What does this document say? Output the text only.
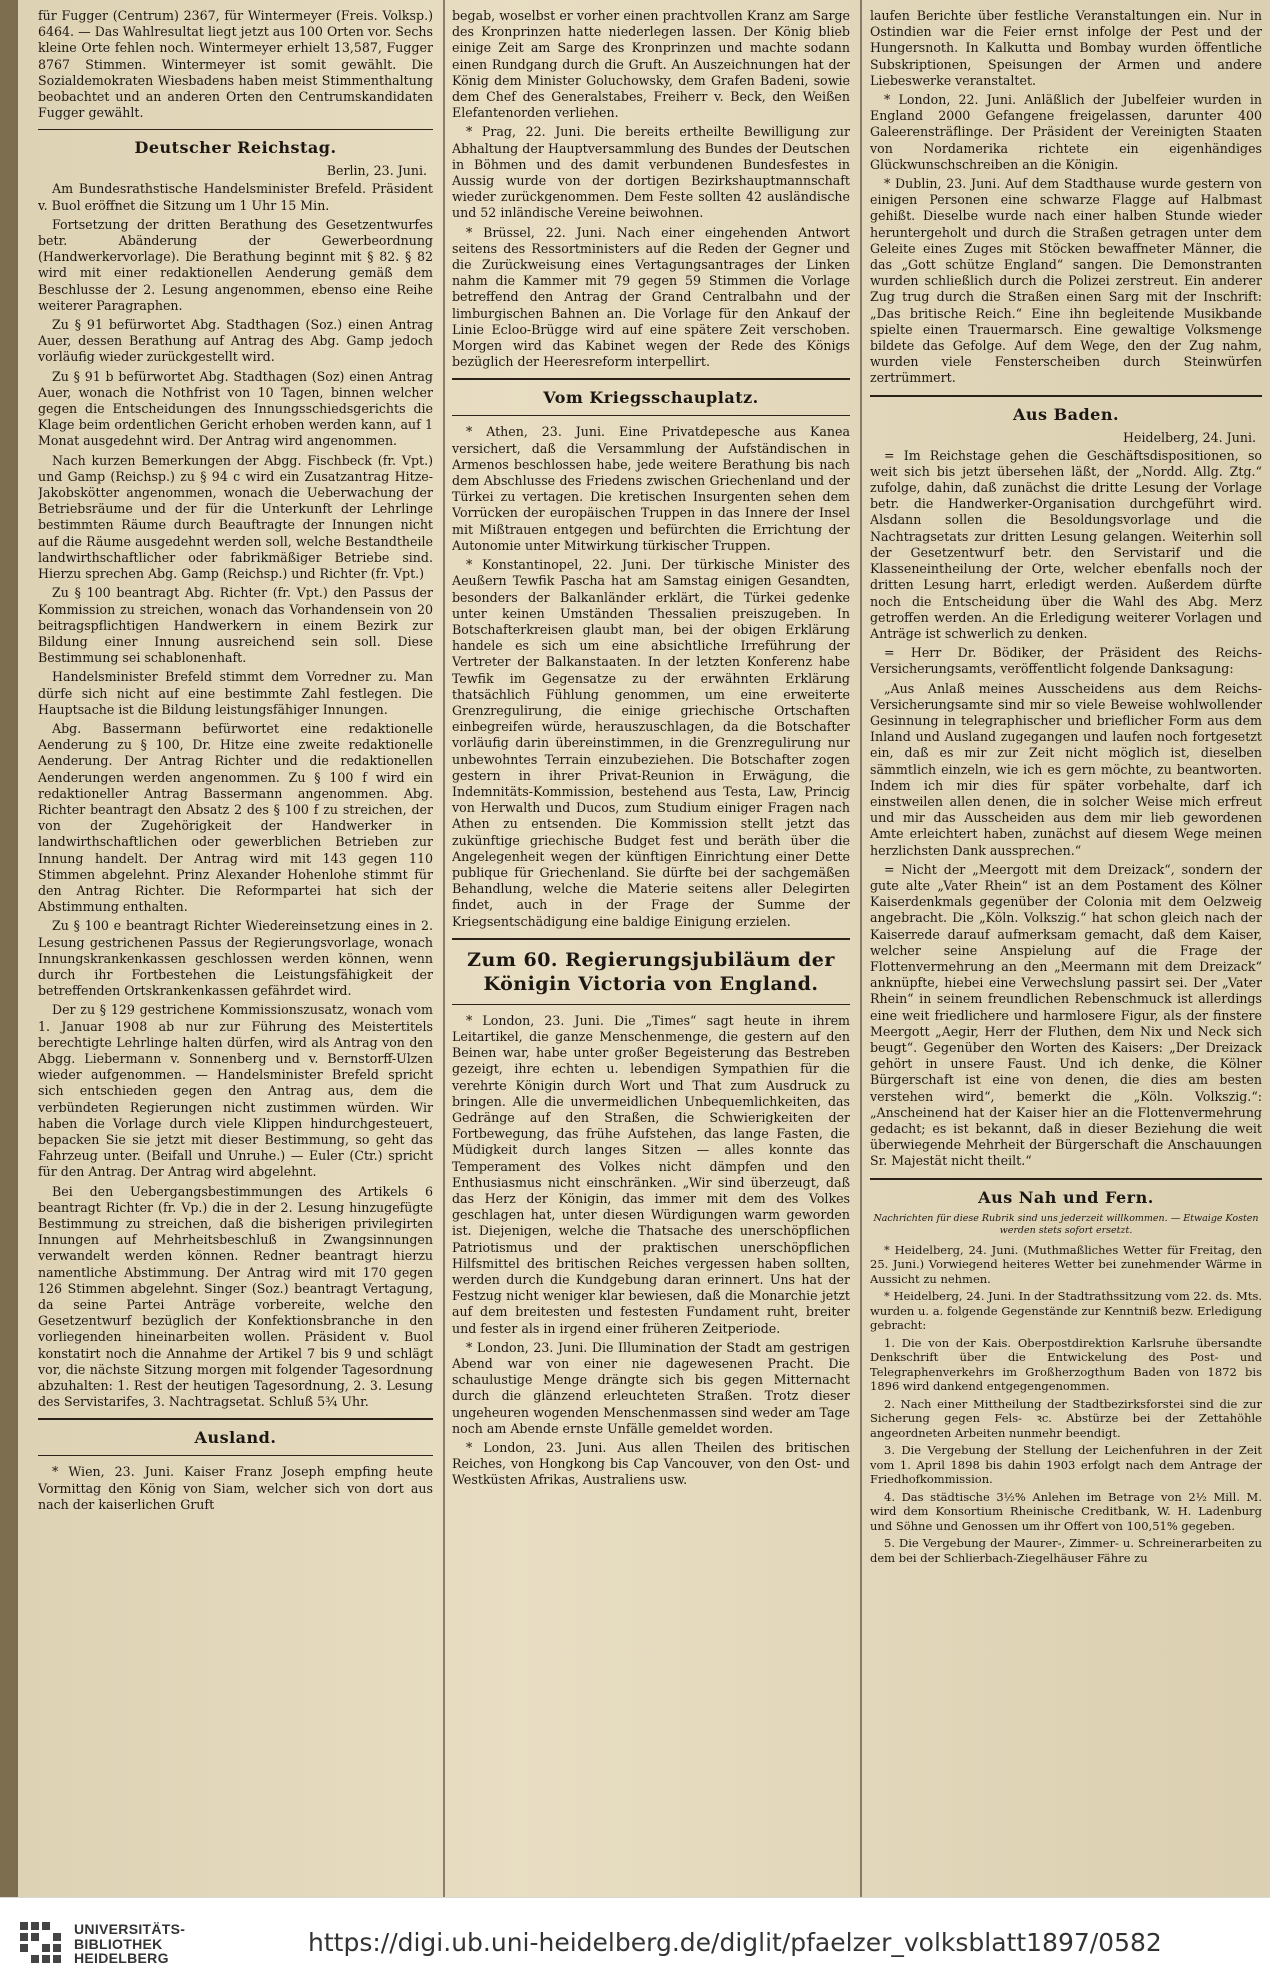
für Fugger (Centrum) 2367, für Wintermeyer (Freis. Volksp.) 6464. — Das Wahlresultat liegt jetzt aus 100 Orten vor. Sechs kleine Orte fehlen noch. Wintermeyer erhielt 13,587, Fugger 8767 Stimmen. Wintermeyer ist somit gewählt. Die Sozialdemokraten Wiesbadens haben meist Stimmenthaltung beobachtet und an anderen Orten den Centrumskandidaten Fugger gewählt.

Deutscher Reichstag.
Berlin, 23. Juni.

Am Bundesrathstische Handelsminister Brefeld. Präsident v. Buol eröffnet die Sitzung um 1 Uhr 15 Min.

Fortsetzung der dritten Berathung des Gesetzentwurfes betr. Abänderung der Gewerbeordnung (Handwerkervorlage). Die Berathung beginnt mit § 82. § 82 wird mit einer redaktionellen Aenderung gemäß dem Beschlusse der 2. Lesung angenommen, ebenso eine Reihe weiterer Paragraphen.

Zu § 91 befürwortet Abg. Stadthagen (Soz.) einen Antrag Auer, dessen Berathung auf Antrag des Abg. Gamp jedoch vorläufig wieder zurückgestellt wird.

Zu § 91 b befürwortet Abg. Stadthagen (Soz) einen Antrag Auer, wonach die Nothfrist von 10 Tagen, binnen welcher gegen die Entscheidungen des Innungsschiedsgerichts die Klage beim ordentlichen Gericht erhoben werden kann, auf 1 Monat ausgedehnt wird. Der Antrag wird angenommen.

Nach kurzen Bemerkungen der Abgg. Fischbeck (fr. Vpt.) und Gamp (Reichsp.) zu § 94 c wird ein Zusatzantrag Hitze-Jakobskötter angenommen, wonach die Ueberwachung der Betriebsräume und der für die Unterkunft der Lehrlinge bestimmten Räume durch Beauftragte der Innungen nicht auf die Räume ausgedehnt werden soll, welche Bestandtheile landwirthschaftlicher oder fabrikmäßiger Betriebe sind. Hierzu sprechen Abg. Gamp (Reichsp.) und Richter (fr. Vpt.)

Zu § 100 beantragt Abg. Richter (fr. Vpt.) den Passus der Kommission zu streichen, wonach das Vorhandensein von 20 beitragspflichtigen Handwerkern in einem Bezirk zur Bildung einer Innung ausreichend sein soll. Diese Bestimmung sei schablonenhaft.

Handelsminister Brefeld stimmt dem Vorredner zu. Man dürfe sich nicht auf eine bestimmte Zahl festlegen. Die Hauptsache ist die Bildung leistungsfähiger Innungen.

Abg. Bassermann befürwortet eine redaktionelle Aenderung zu § 100, Dr. Hitze eine zweite redaktionelle Aenderung. Der Antrag Richter und die redaktionellen Aenderungen werden angenommen. Zu § 100 f wird ein redaktioneller Antrag Bassermann angenommen. Abg. Richter beantragt den Absatz 2 des § 100 f zu streichen, der von der Zugehörigkeit der Handwerker in landwirthschaftlichen oder gewerblichen Betrieben zur Innung handelt. Der Antrag wird mit 143 gegen 110 Stimmen abgelehnt. Prinz Alexander Hohenlohe stimmt für den Antrag Richter. Die Reformpartei hat sich der Abstimmung enthalten.

Zu § 100 e beantragt Richter Wiedereinsetzung eines in 2. Lesung gestrichenen Passus der Regierungsvorlage, wonach Innungskrankenkassen geschlossen werden können, wenn durch ihr Fortbestehen die Leistungsfähigkeit der betreffenden Ortskrankenkassen gefährdet wird.

Der zu § 129 gestrichene Kommissionszusatz, wonach vom 1. Januar 1908 ab nur zur Führung des Meistertitels berechtigte Lehrlinge halten dürfen, wird als Antrag von den Abgg. Liebermann v. Sonnenberg und v. Bernstorff-Ulzen wieder aufgenommen. — Handelsminister Brefeld spricht sich entschieden gegen den Antrag aus, dem die verbündeten Regierungen nicht zustimmen würden. Wir haben die Vorlage durch viele Klippen hindurchgesteuert, bepacken Sie sie jetzt mit dieser Bestimmung, so geht das Fahrzeug unter. (Beifall und Unruhe.) — Euler (Ctr.) spricht für den Antrag. Der Antrag wird abgelehnt.

Bei den Uebergangsbestimmungen des Artikels 6 beantragt Richter (fr. Vp.) die in der 2. Lesung hinzugefügte Bestimmung zu streichen, daß die bisherigen privilegirten Innungen auf Mehrheitsbeschluß in Zwangsinnungen verwandelt werden können. Redner beantragt hierzu namentliche Abstimmung. Der Antrag wird mit 170 gegen 126 Stimmen abgelehnt. Singer (Soz.) beantragt Vertagung, da seine Partei Anträge vorbereite, welche den Gesetzentwurf bezüglich der Konfektionsbranche in den vorliegenden hineinarbeiten wollen. Präsident v. Buol konstatirt noch die Annahme der Artikel 7 bis 9 und schlägt vor, die nächste Sitzung morgen mit folgender Tagesordnung abzuhalten: 1. Rest der heutigen Tagesordnung, 2. 3. Lesung des Servistarifes, 3. Nachtragsetat. Schluß 5¾ Uhr.

Ausland.

* Wien, 23. Juni. Kaiser Franz Joseph empfing heute Vormittag den König von Siam, welcher sich von dort aus nach der kaiserlichen Gruft

begab, woselbst er vorher einen prachtvollen Kranz am Sarge des Kronprinzen hatte niederlegen lassen. Der König blieb einige Zeit am Sarge des Kronprinzen und machte sodann einen Rundgang durch die Gruft. An Auszeichnungen hat der König dem Minister Goluchowsky, dem Grafen Badeni, sowie dem Chef des Generalstabes, Freiherr v. Beck, den Weißen Elefantenorden verliehen.

* Prag, 22. Juni. Die bereits ertheilte Bewilligung zur Abhaltung der Hauptversammlung des Bundes der Deutschen in Böhmen und des damit verbundenen Bundesfestes in Aussig wurde von der dortigen Bezirkshauptmannschaft wieder zurückgenommen. Dem Feste sollten 42 ausländische und 52 inländische Vereine beiwohnen.

* Brüssel, 22. Juni. Nach einer eingehenden Antwort seitens des Ressortministers auf die Reden der Gegner und die Zurückweisung eines Vertagungsantrages der Linken nahm die Kammer mit 79 gegen 59 Stimmen die Vorlage betreffend den Antrag der Grand Centralbahn und der limburgischen Bahnen an. Die Vorlage für den Ankauf der Linie Ecloo-Brügge wird auf eine spätere Zeit verschoben. Morgen wird das Kabinet wegen der Rede des Königs bezüglich der Heeresreform interpellirt.

Vom Kriegsschauplatz.

* Athen, 23. Juni. Eine Privatdepesche aus Kanea versichert, daß die Versammlung der Aufständischen in Armenos beschlossen habe, jede weitere Berathung bis nach dem Abschlusse des Friedens zwischen Griechenland und der Türkei zu vertagen. Die kretischen Insurgenten sehen dem Vorrücken der europäischen Truppen in das Innere der Insel mit Mißtrauen entgegen und befürchten die Errichtung der Autonomie unter Mitwirkung türkischer Truppen.

* Konstantinopel, 22. Juni. Der türkische Minister des Aeußern Tewfik Pascha hat am Samstag einigen Gesandten, besonders der Balkanländer erklärt, die Türkei gedenke unter keinen Umständen Thessalien preiszugeben. In Botschafterkreisen glaubt man, bei der obigen Erklärung handele es sich um eine absichtliche Irreführung der Vertreter der Balkanstaaten. In der letzten Konferenz habe Tewfik im Gegensatze zu der erwähnten Erklärung thatsächlich Fühlung genommen, um eine erweiterte Grenzregulirung, die einige griechische Ortschaften einbegreifen würde, herauszuschlagen, da die Botschafter vorläufig darin übereinstimmen, in die Grenzregulirung nur unbewohntes Terrain einzubeziehen. Die Botschafter zogen gestern in ihrer Privat-Reunion in Erwägung, die Indemnitäts-Kommission, bestehend aus Testa, Law, Princig von Herwalth und Ducos, zum Studium einiger Fragen nach Athen zu entsenden. Die Kommission stellt jetzt das zukünftige griechische Budget fest und beräth über die Angelegenheit wegen der künftigen Einrichtung einer Dette publique für Griechenland. Sie dürfte bei der sachgemäßen Behandlung, welche die Materie seitens aller Delegirten findet, auch in der Frage der Summe der Kriegsentschädigung eine baldige Einigung erzielen.

Zum 60. Regierungsjubiläum der Königin Victoria von England.

* London, 23. Juni. Die „Times“ sagt heute in ihrem Leitartikel, die ganze Menschenmenge, die gestern auf den Beinen war, habe unter großer Begeisterung das Bestreben gezeigt, ihre echten u. lebendigen Sympathien für die verehrte Königin durch Wort und That zum Ausdruck zu bringen. Alle die unvermeidlichen Unbequemlichkeiten, das Gedränge auf den Straßen, die Schwierigkeiten der Fortbewegung, das frühe Aufstehen, das lange Fasten, die Müdigkeit durch langes Sitzen — alles konnte das Temperament des Volkes nicht dämpfen und den Enthusiasmus nicht einschränken. „Wir sind überzeugt, daß das Herz der Königin, das immer mit dem des Volkes geschlagen hat, unter diesen Würdigungen warm geworden ist. Diejenigen, welche die Thatsache des unerschöpflichen Patriotismus und der praktischen unerschöpflichen Hilfsmittel des britischen Reiches vergessen haben sollten, werden durch die Kundgebung daran erinnert. Uns hat der Festzug nicht weniger klar bewiesen, daß die Monarchie jetzt auf dem breitesten und festesten Fundament ruht, breiter und fester als in irgend einer früheren Zeitperiode.

* London, 23. Juni. Die Illumination der Stadt am gestrigen Abend war von einer nie dagewesenen Pracht. Die schaulustige Menge drängte sich bis gegen Mitternacht durch die glänzend erleuchteten Straßen. Trotz dieser ungeheuren wogenden Menschenmassen sind weder am Tage noch am Abende ernste Unfälle gemeldet worden.

* London, 23. Juni. Aus allen Theilen des britischen Reiches, von Hongkong bis Cap Vancouver, von den Ost- und Westküsten Afrikas, Australiens usw.

laufen Berichte über festliche Veranstaltungen ein. Nur in Ostindien war die Feier ernst infolge der Pest und der Hungersnoth. In Kalkutta und Bombay wurden öffentliche Subskriptionen, Speisungen der Armen und andere Liebeswerke veranstaltet.

* London, 22. Juni. Anläßlich der Jubelfeier wurden in England 2000 Gefangene freigelassen, darunter 400 Galeerensträflinge. Der Präsident der Vereinigten Staaten von Nordamerika richtete ein eigenhändiges Glückwunschschreiben an die Königin.

* Dublin, 23. Juni. Auf dem Stadthause wurde gestern von einigen Personen eine schwarze Flagge auf Halbmast gehißt. Dieselbe wurde nach einer halben Stunde wieder heruntergeholt und durch die Straßen getragen unter dem Geleite eines Zuges mit Stöcken bewaffneter Männer, die das „Gott schütze England“ sangen. Die Demonstranten wurden schließlich durch die Polizei zerstreut. Ein anderer Zug trug durch die Straßen einen Sarg mit der Inschrift: „Das britische Reich.“ Eine ihn begleitende Musikbande spielte einen Trauermarsch. Eine gewaltige Volksmenge bildete das Gefolge. Auf dem Wege, den der Zug nahm, wurden viele Fensterscheiben durch Steinwürfen zertrümmert.

Aus Baden.
Heidelberg, 24. Juni.

= Im Reichstage gehen die Geschäftsdispositionen, so weit sich bis jetzt übersehen läßt, der „Nordd. Allg. Ztg.“ zufolge, dahin, daß zunächst die dritte Lesung der Vorlage betr. die Handwerker-Organisation durchgeführt wird. Alsdann sollen die Besoldungsvorlage und die Nachtragsetats zur dritten Lesung gelangen. Weiterhin soll der Gesetzentwurf betr. den Servistarif und die Klasseneintheilung der Orte, welcher ebenfalls noch der dritten Lesung harrt, erledigt werden. Außerdem dürfte noch die Entscheidung über die Wahl des Abg. Merz getroffen werden. An die Erledigung weiterer Vorlagen und Anträge ist schwerlich zu denken.

= Herr Dr. Bödiker, der Präsident des Reichs-Versicherungsamts, veröffentlicht folgende Danksagung:

„Aus Anlaß meines Ausscheidens aus dem Reichs-Versicherungsamte sind mir so viele Beweise wohlwollender Gesinnung in telegraphischer und brieflicher Form aus dem Inland und Ausland zugegangen und laufen noch fortgesetzt ein, daß es mir zur Zeit nicht möglich ist, dieselben sämmtlich einzeln, wie ich es gern möchte, zu beantworten. Indem ich mir dies für später vorbehalte, darf ich einstweilen allen denen, die in solcher Weise mich erfreut und mir das Ausscheiden aus dem mir lieb gewordenen Amte erleichtert haben, zunächst auf diesem Wege meinen herzlichsten Dank aussprechen.“

= Nicht der „Meergott mit dem Dreizack“, sondern der gute alte „Vater Rhein“ ist an dem Postament des Kölner Kaiserdenkmals gegenüber der Colonia mit dem Oelzweig angebracht. Die „Köln. Volkszig.“ hat schon gleich nach der Kaiserrede darauf aufmerksam gemacht, daß dem Kaiser, welcher seine Anspielung auf die Frage der Flottenvermehrung an den „Meermann mit dem Dreizack“ anknüpfte, hiebei eine Verwechslung passirt sei. Der „Vater Rhein“ in seinem freundlichen Rebenschmuck ist allerdings eine weit friedlichere und harmlosere Figur, als der finstere Meergott „Aegir, Herr der Fluthen, dem Nix und Neck sich beugt“. Gegenüber den Worten des Kaisers: „Der Dreizack gehört in unsere Faust. Und ich denke, die Kölner Bürgerschaft ist eine von denen, die dies am besten verstehen wird“, bemerkt die „Köln. Volkszig.“: „Anscheinend hat der Kaiser hier an die Flottenvermehrung gedacht; es ist bekannt, daß in dieser Beziehung die weit überwiegende Mehrheit der Bürgerschaft die Anschauungen Sr. Majestät nicht theilt.“

Aus Nah und Fern.
Nachrichten für diese Rubrik sind uns jederzeit willkommen. — Etwaige Kosten werden stets sofort ersetzt.

* Heidelberg, 24. Juni. (Muthmaßliches Wetter für Freitag, den 25. Juni.) Vorwiegend heiteres Wetter bei zunehmender Wärme in Aussicht zu nehmen.

* Heidelberg, 24. Juni. In der Stadtrathssitzung vom 22. ds. Mts. wurden u. a. folgende Gegenstände zur Kenntniß bezw. Erledigung gebracht:

1. Die von der Kais. Oberpostdirektion Karlsruhe übersandte Denkschrift über die Entwickelung des Post- und Telegraphenverkehrs im Großherzogthum Baden von 1872 bis 1896 wird dankend entgegengenommen.

2. Nach einer Mittheilung der Stadtbezirksforstei sind die zur Sicherung gegen Fels- ꝛc. Abstürze bei der Zettahöhle angeordneten Arbeiten nunmehr beendigt.

3. Die Vergebung der Stellung der Leichenfuhren in der Zeit vom 1. April 1898 bis dahin 1903 erfolgt nach dem Antrage der Friedhofkommission.

4. Das städtische 3½% Anlehen im Betrage von 2½ Mill. M. wird dem Konsortium Rheinische Creditbank, W. H. Ladenburg und Söhne und Genossen um ihr Offert von 100,51% gegeben.

5. Die Vergebung der Maurer-, Zimmer- u. Schreinerarbeiten zu dem bei der Schlierbach-Ziegelhäuser Fähre zu

UNIVERSITÄTS-
BIBLIOTHEK
HEIDELBERG
https://digi.ub.uni-heidelberg.de/diglit/pfaelzer_volksblatt1897/0582
